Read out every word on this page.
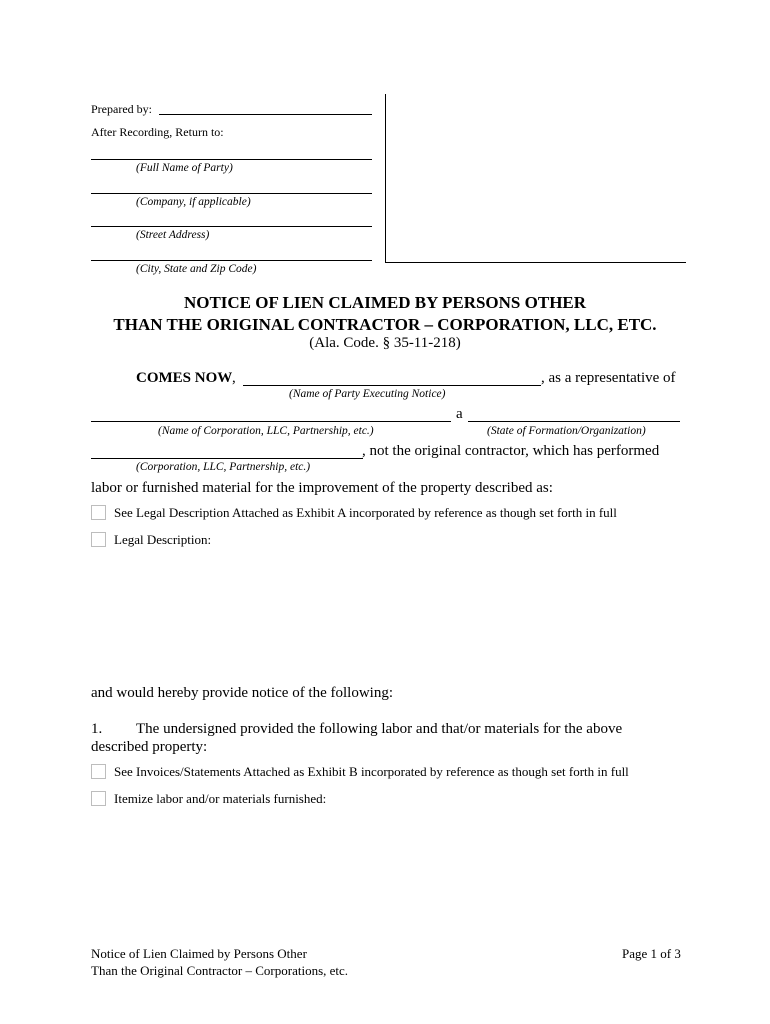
Prepared by:
After Recording, Return to:
(Full Name of Party)
(Company, if applicable)
(Street Address)
(City, State and Zip Code)
NOTICE OF LIEN CLAIMED BY PERSONS OTHER
THAN THE ORIGINAL CONTRACTOR – CORPORATION, LLC, ETC.
(Ala. Code. § 35-11-218)
COMES NOW ,	, as a representative of
(Name of Party Executing Notice)
a
(Name of Corporation, LLC, Partnership, etc.)	(State of Formation/Organization)
, not the original contractor, which has performed
(Corporation, LLC, Partnership, etc.)
labor or furnished material for the improvement of the property described as:
See Legal Description Attached as Exhibit A incorporated by reference as though set forth in full
Legal Description:
and would hereby provide notice of the following:
1. The undersigned provided the following labor and that/or materials for the above
described property:
See Invoices/Statements Attached as Exhibit B incorporated by reference as though set forth in full
Itemize labor and/or materials furnished:
Notice of Lien Claimed by Persons Other
Than the Original Contractor – Corporations, etc.
Page 1 of 3
